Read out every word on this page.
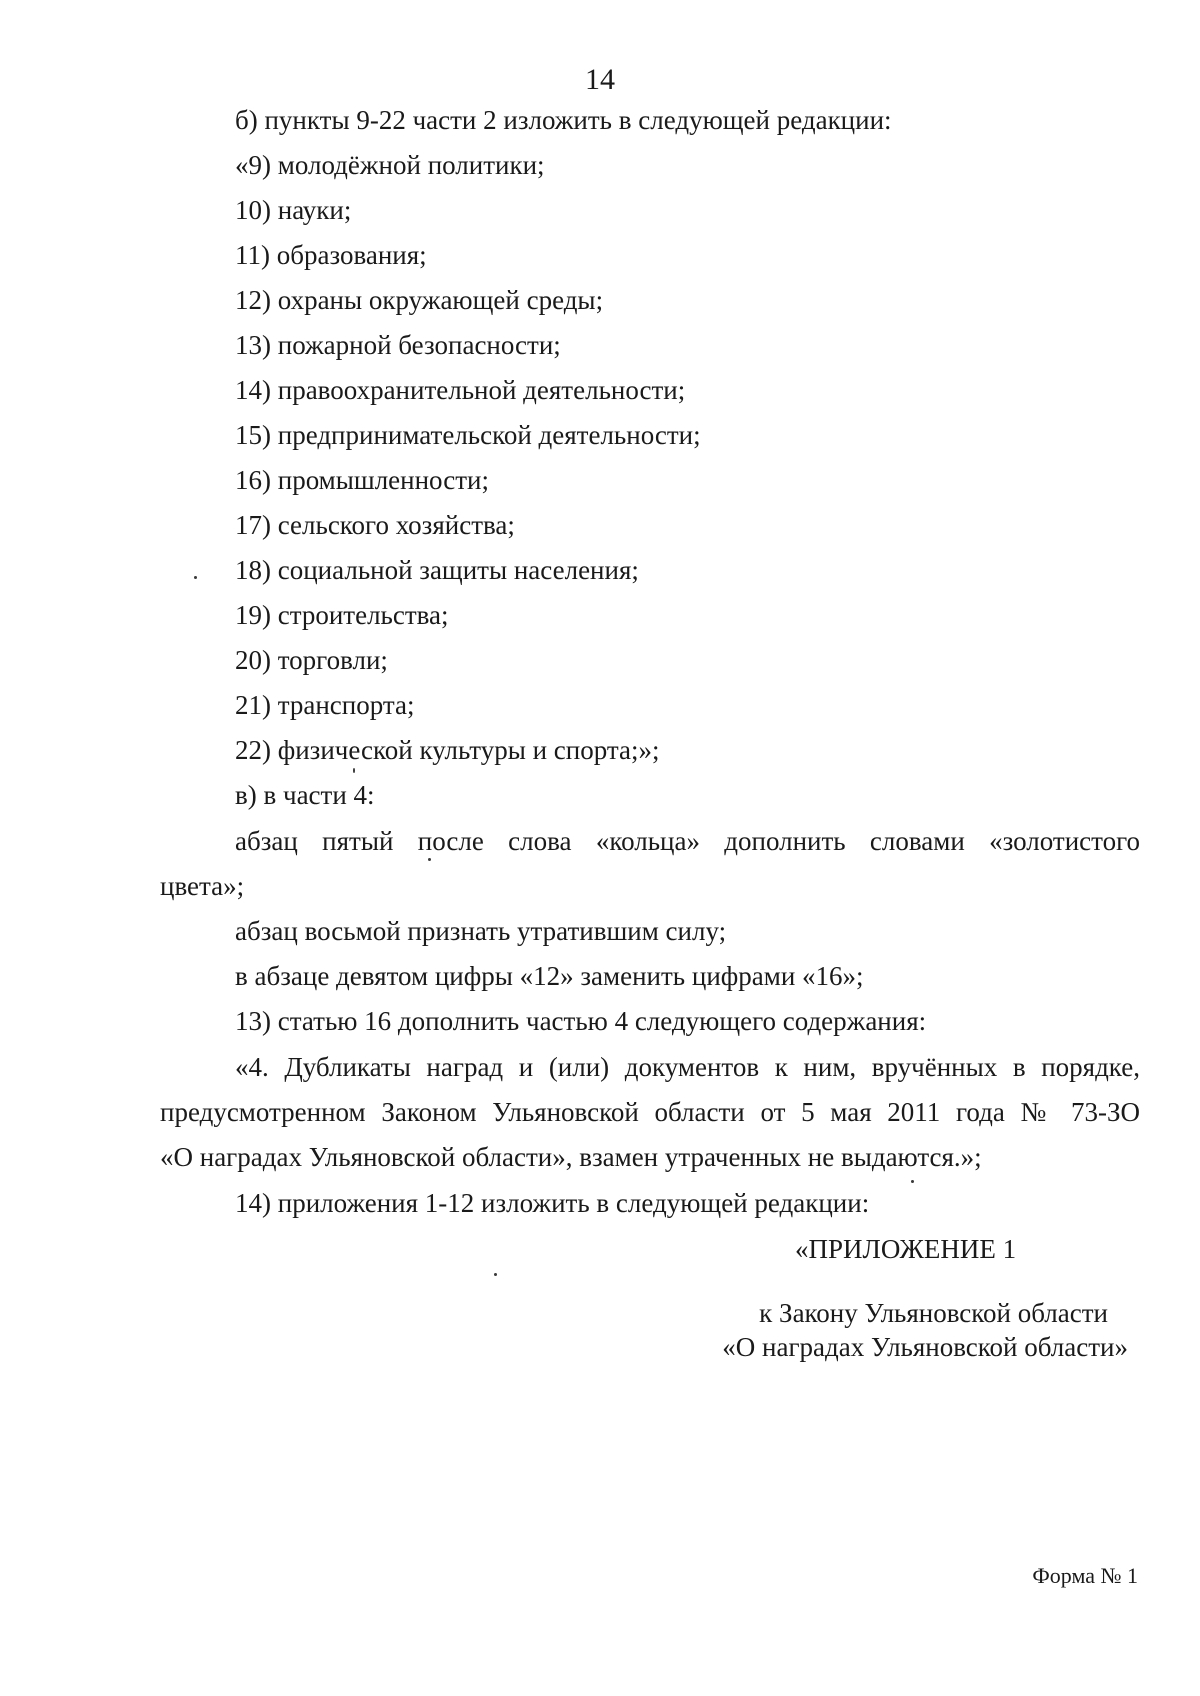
14
б) пункты 9-22 части 2 изложить в следующей редакции:
«9) молодёжной политики;
10) науки;
11) образования;
12) охраны окружающей среды;
13) пожарной безопасности;
14) правоохранительной деятельности;
15) предпринимательской деятельности;
16) промышленности;
17) сельского хозяйства;
18) социальной защиты населения;
19) строительства;
20) торговли;
21) транспорта;
22) физической культуры и спорта;»;
в) в части 4:
абзац пятый после слова «кольца» дополнить словами «золотистого
цвета»;
абзац восьмой признать утратившим силу;
в абзаце девятом цифры «12» заменить цифрами «16»;
13) статью 16 дополнить частью 4 следующего содержания:
«4. Дубликаты наград и (или) документов к ним, вручённых в порядке,
предусмотренном Законом Ульяновской области от 5 мая 2011 года № 73-ЗО
«О наградах Ульяновской области», взамен утраченных не выдаются.»;
14) приложения 1-12 изложить в следующей редакции:
«ПРИЛОЖЕНИЕ 1
к Закону Ульяновской области
«О наградах Ульяновской области»
Форма № 1
